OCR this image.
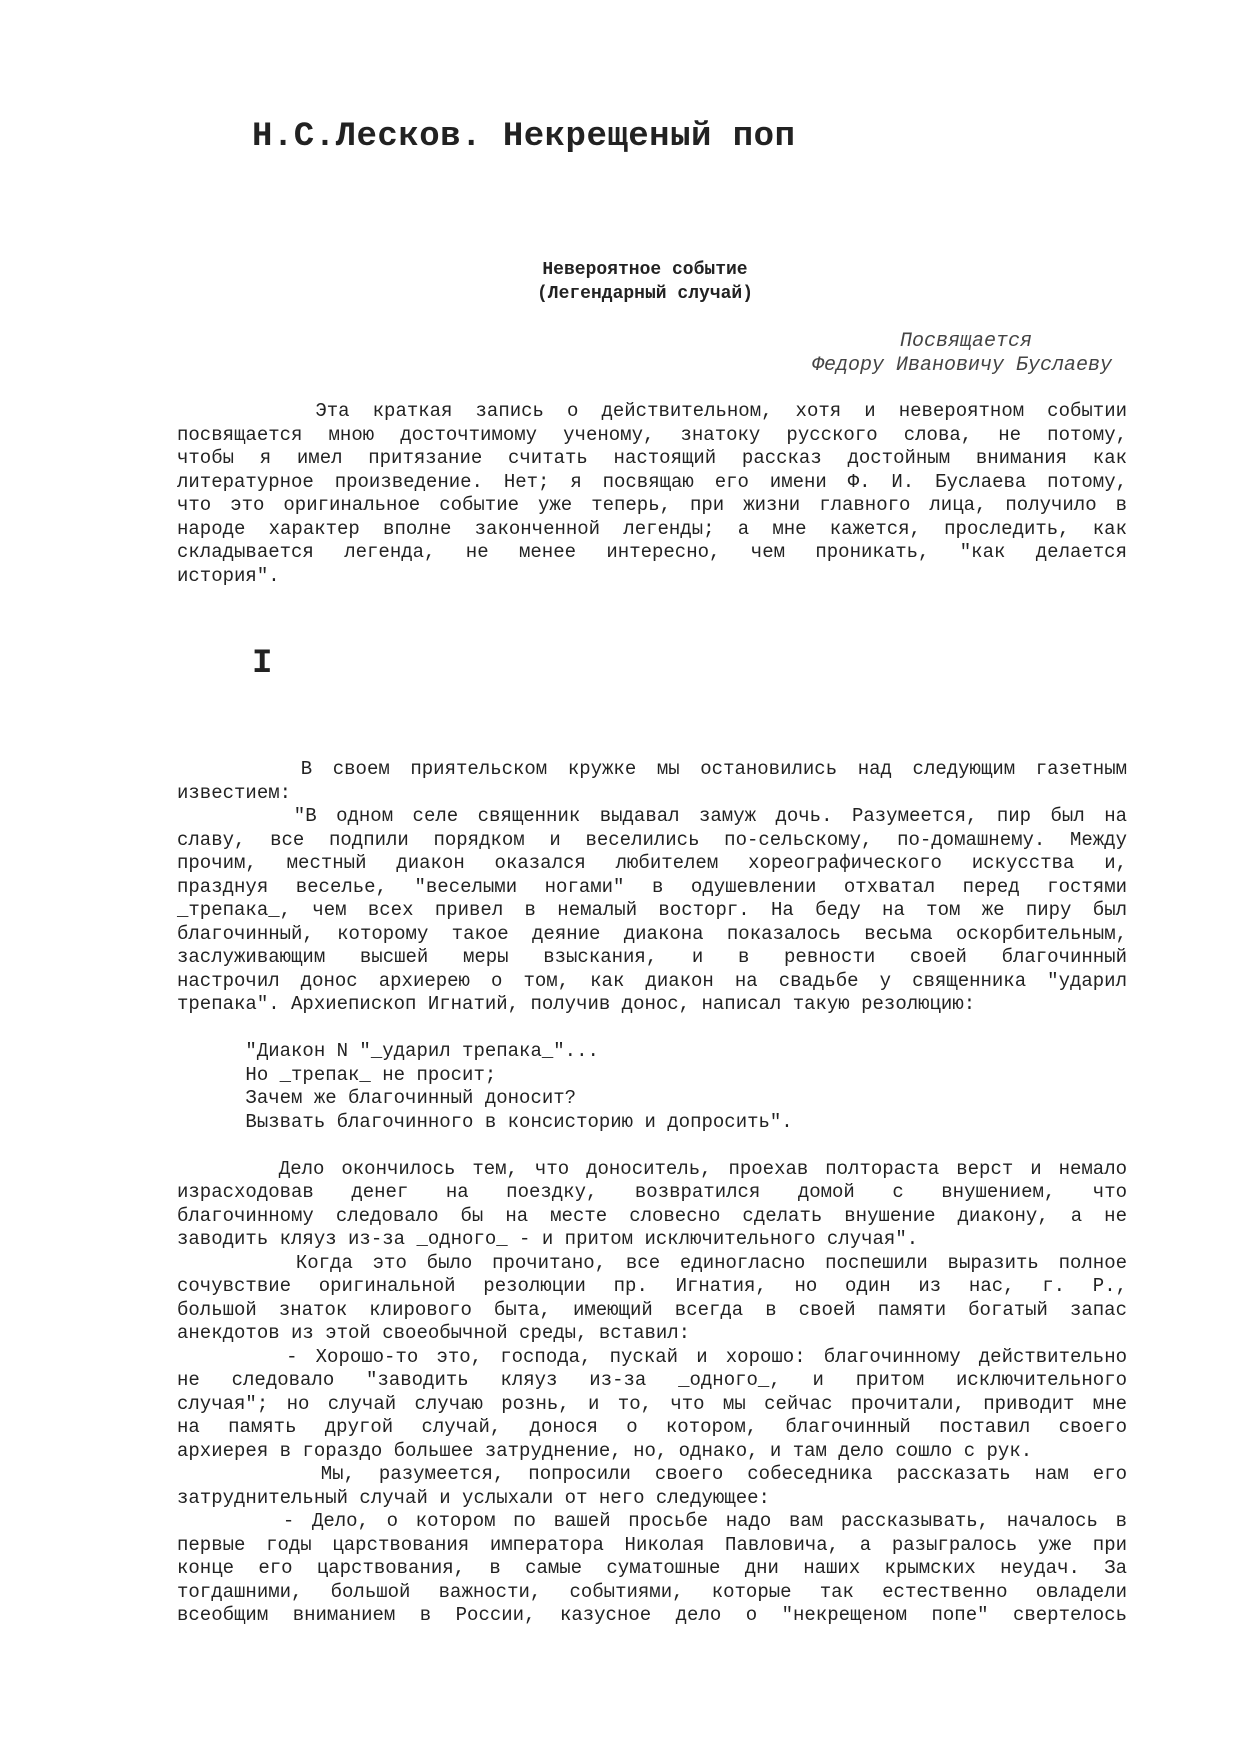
Н.С.Лесков. Некрещеный поп
Невероятное событие
(Легендарный случай)
Посвящается
Федору Ивановичу Буслаеву
Эта краткая запись о действительном, хотя и невероятном событии
посвящается мною досточтимому ученому, знатоку русского слова, не потому,
чтобы я имел притязание считать настоящий рассказ достойным внимания как
литературное произведение. Нет; я посвящаю его имени Ф. И. Буслаева потому,
что это оригинальное событие уже теперь, при жизни главного лица, получило в
народе характер вполне законченной легенды; а мне кажется, проследить, как
складывается легенда, не менее интересно, чем проникать, "как делается
история".
I
В своем приятельском кружке мы остановились над следующим газетным
известием:
"В одном селе священник выдавал замуж дочь. Разумеется, пир был на
славу, все подпили порядком и веселились по-сельскому, по-домашнему. Между
прочим, местный диакон оказался любителем хореографического искусства и,
празднуя веселье, "веселыми ногами" в одушевлении отхватал перед гостями
_трепака_, чем всех привел в немалый восторг. На беду на том же пиру был
благочинный, которому такое деяние диакона показалось весьма оскорбительным,
заслуживающим высшей меры взыскания, и в ревности своей благочинный
настрочил донос архиерею о том, как диакон на свадьбе у священника "ударил
трепака". Архиепископ Игнатий, получив донос, написал такую резолюцию:
"Диакон N "_ударил трепака_"...
Но _трепак_ не просит;
Зачем же благочинный доносит?
Вызвать благочинного в консисторию и допросить".
Дело окончилось тем, что доноситель, проехав полтораста верст и немало
израсходовав денег на поездку, возвратился домой с внушением, что
благочинному следовало бы на месте словесно сделать внушение диакону, а не
заводить кляуз из-за _одного_ - и притом исключительного случая".
Когда это было прочитано, все единогласно поспешили выразить полное
сочувствие оригинальной резолюции пр. Игнатия, но один из нас, г. Р.,
большой знаток клирового быта, имеющий всегда в своей памяти богатый запас
анекдотов из этой своеобычной среды, вставил:
- Хорошо-то это, господа, пускай и хорошо: благочинному действительно
не следовало "заводить кляуз из-за _одного_, и притом исключительного
случая"; но случай случаю рознь, и то, что мы сейчас прочитали, приводит мне
на память другой случай, донося о котором, благочинный поставил своего
архиерея в гораздо большее затруднение, но, однако, и там дело сошло с рук.
Мы, разумеется, попросили своего собеседника рассказать нам его
затруднительный случай и услыхали от него следующее:
- Дело, о котором по вашей просьбе надо вам рассказывать, началось в
первые годы царствования императора Николая Павловича, а разыгралось уже при
конце его царствования, в самые суматошные дни наших крымских неудач. За
тогдашними, большой важности, событиями, которые так естественно овладели
всеобщим вниманием в России, казусное дело о "некрещеном попе" свертелось
